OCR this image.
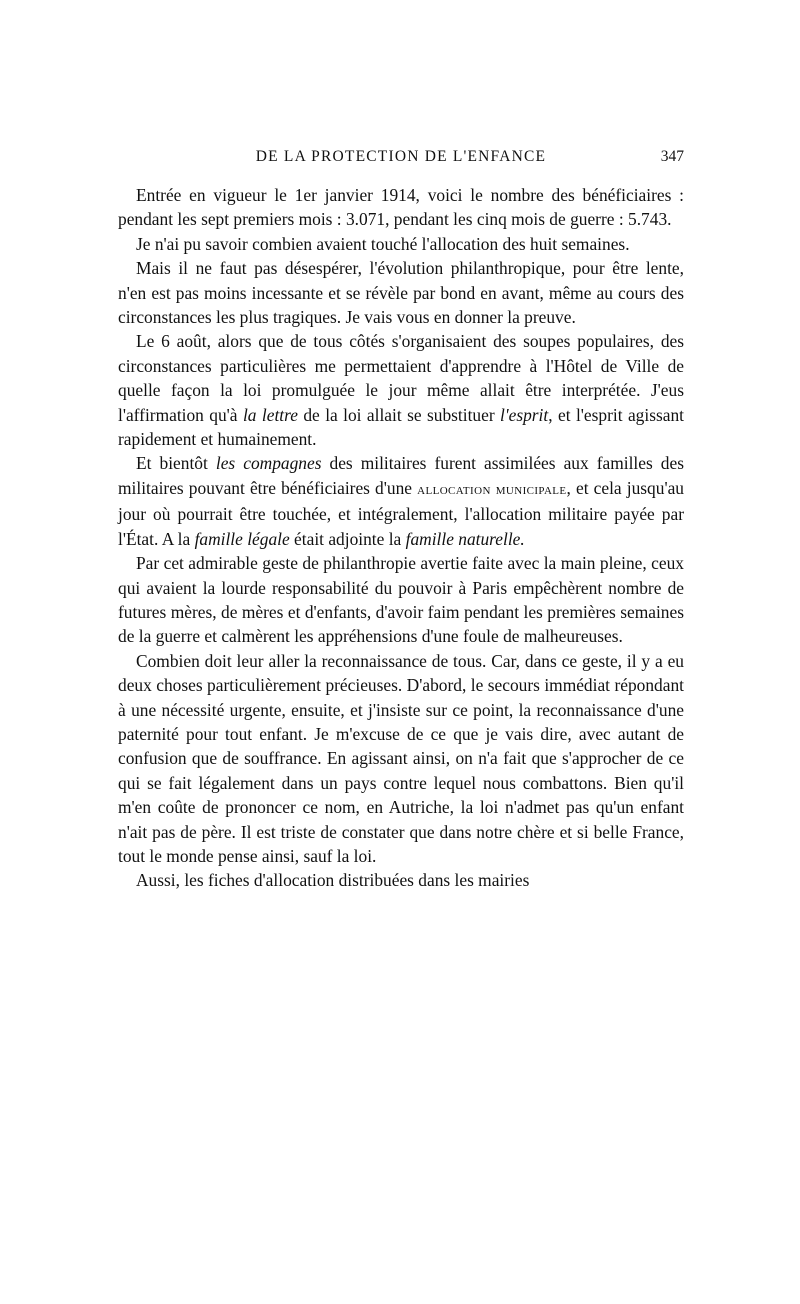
DE LA PROTECTION DE L'ENFANCE	347

Entrée en vigueur le 1er janvier 1914, voici le nombre des bénéficiaires : pendant les sept premiers mois : 3.071, pendant les cinq mois de guerre : 5.743.

Je n'ai pu savoir combien avaient touché l'allocation des huit semaines.

Mais il ne faut pas désespérer, l'évolution philanthropique, pour être lente, n'en est pas moins incessante et se révèle par bond en avant, même au cours des circonstances les plus tragiques. Je vais vous en donner la preuve.

Le 6 août, alors que de tous côtés s'organisaient des soupes populaires, des circonstances particulières me permettaient d'apprendre à l'Hôtel de Ville de quelle façon la loi promulguée le jour même allait être interprétée. J'eus l'affirmation qu'à la lettre de la loi allait se substituer l'esprit, et l'esprit agissant rapidement et humainement.

Et bientôt les compagnes des militaires furent assimilées aux familles des militaires pouvant être bénéficiaires d'une allocation municipale, et cela jusqu'au jour où pourrait être touchée, et intégralement, l'allocation militaire payée par l'État. A la famille légale était adjointe la famille naturelle.

Par cet admirable geste de philanthropie avertie faite avec la main pleine, ceux qui avaient la lourde responsabilité du pouvoir à Paris empêchèrent nombre de futures mères, de mères et d'enfants, d'avoir faim pendant les premières semaines de la guerre et calmèrent les appréhensions d'une foule de malheureuses.

Combien doit leur aller la reconnaissance de tous. Car, dans ce geste, il y a eu deux choses particulièrement précieuses. D'abord, le secours immédiat répondant à une nécessité urgente, ensuite, et j'insiste sur ce point, la reconnaissance d'une paternité pour tout enfant. Je m'excuse de ce que je vais dire, avec autant de confusion que de souffrance. En agissant ainsi, on n'a fait que s'approcher de ce qui se fait légalement dans un pays contre lequel nous combattons. Bien qu'il m'en coûte de prononcer ce nom, en Autriche, la loi n'admet pas qu'un enfant n'ait pas de père. Il est triste de constater que dans notre chère et si belle France, tout le monde pense ainsi, sauf la loi.

Aussi, les fiches d'allocation distribuées dans les mairies
